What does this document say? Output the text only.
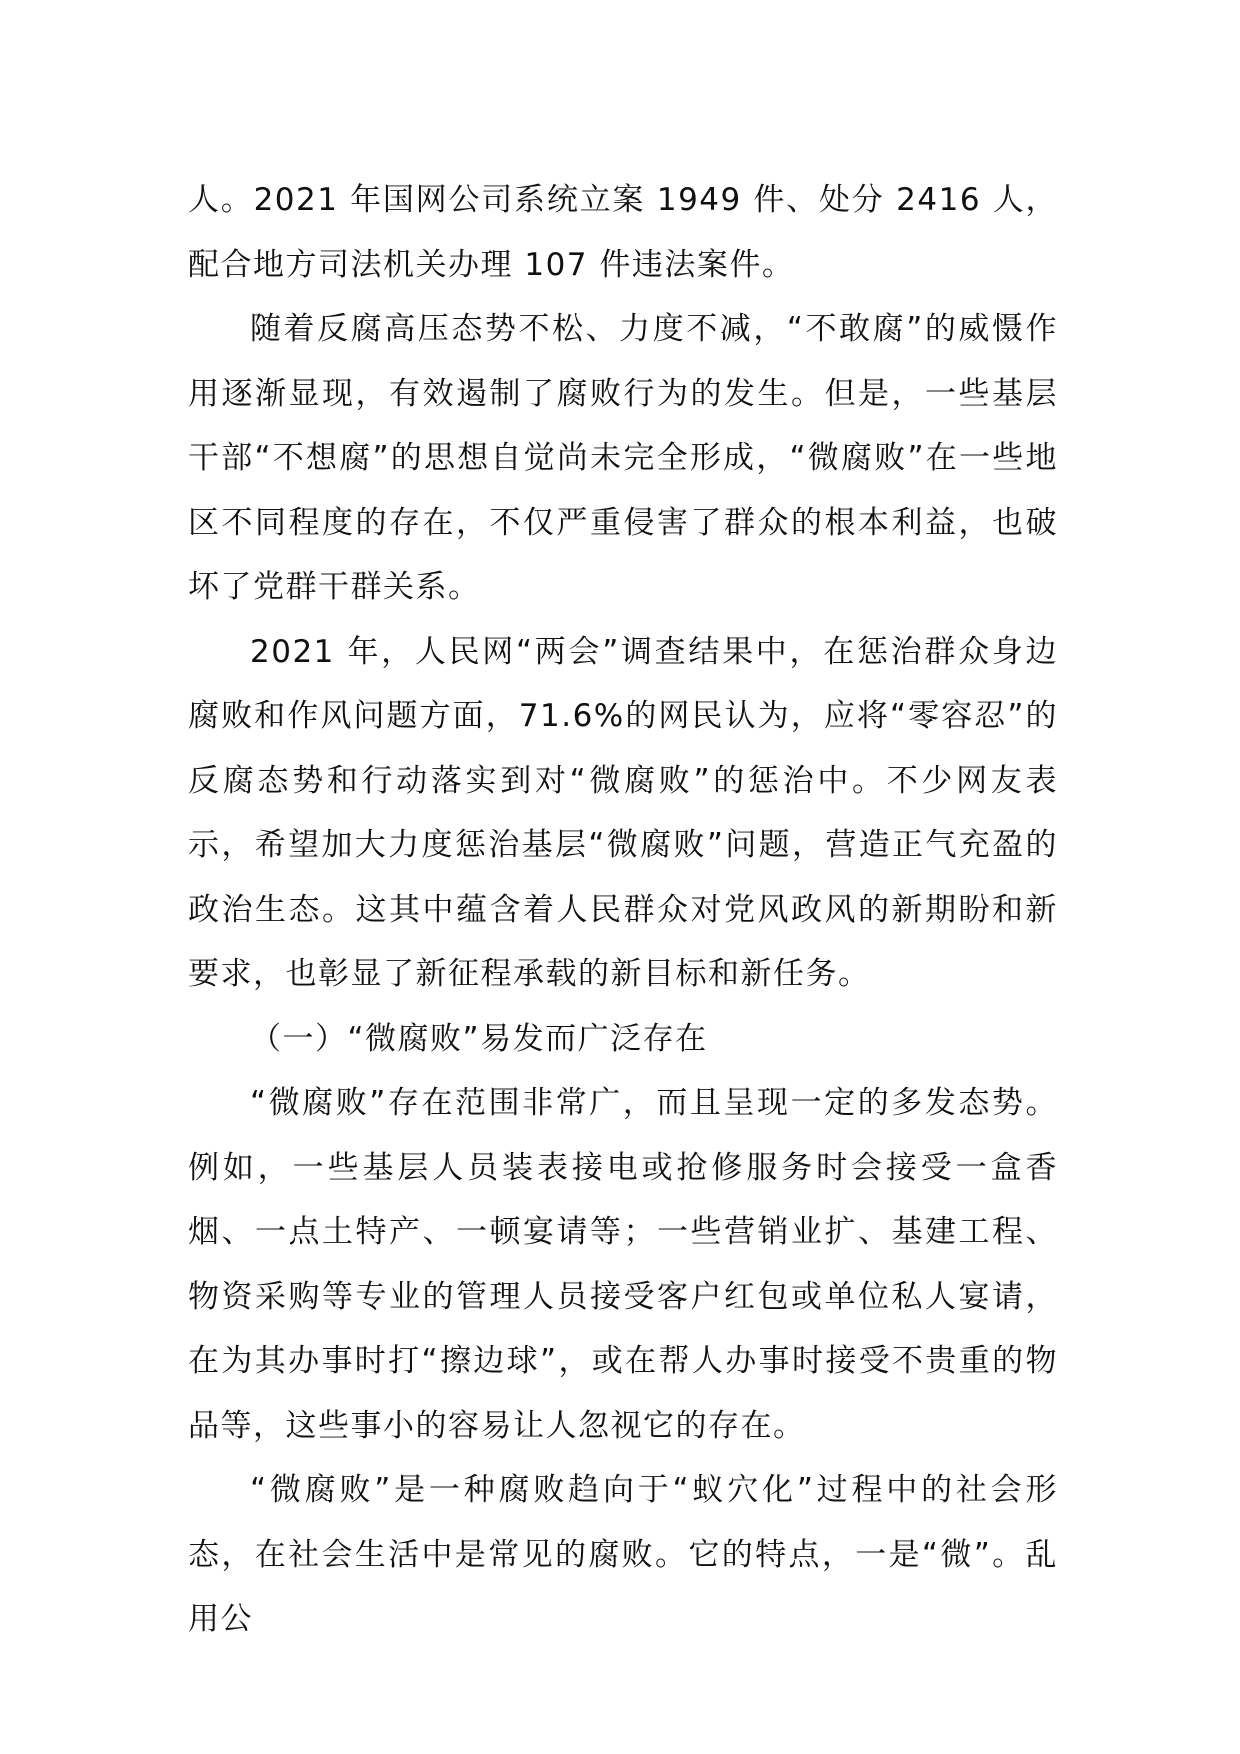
人。2021 年国网公司系统立案 1949 件、处分 2416 人，配合地方司法机关办理 107 件违法案件。

随着反腐高压态势不松、力度不减，“不敢腐”的威慑作用逐渐显现，有效遏制了腐败行为的发生。但是，一些基层干部“不想腐”的思想自觉尚未完全形成，“微腐败”在一些地区不同程度的存在，不仅严重侵害了群众的根本利益，也破坏了党群干群关系。

2021 年，人民网“两会”调查结果中，在惩治群众身边腐败和作风问题方面，71.6%的网民认为，应将“零容忍”的反腐态势和行动落实到对“微腐败”的惩治中。不少网友表示，希望加大力度惩治基层“微腐败”问题，营造正气充盈的政治生态。这其中蕴含着人民群众对党风政风的新期盼和新要求，也彰显了新征程承载的新目标和新任务。

（一）“微腐败”易发而广泛存在

“微腐败”存在范围非常广，而且呈现一定的多发态势。例如，一些基层人员装表接电或抢修服务时会接受一盒香烟、一点土特产、一顿宴请等；一些营销业扩、基建工程、物资采购等专业的管理人员接受客户红包或单位私人宴请，在为其办事时打“擦边球”，或在帮人办事时接受不贵重的物品等，这些事小的容易让人忽视它的存在。

“微腐败”是一种腐败趋向于“蚁穴化”过程中的社会形态，在社会生活中是常见的腐败。它的特点，一是“微”。乱用公
